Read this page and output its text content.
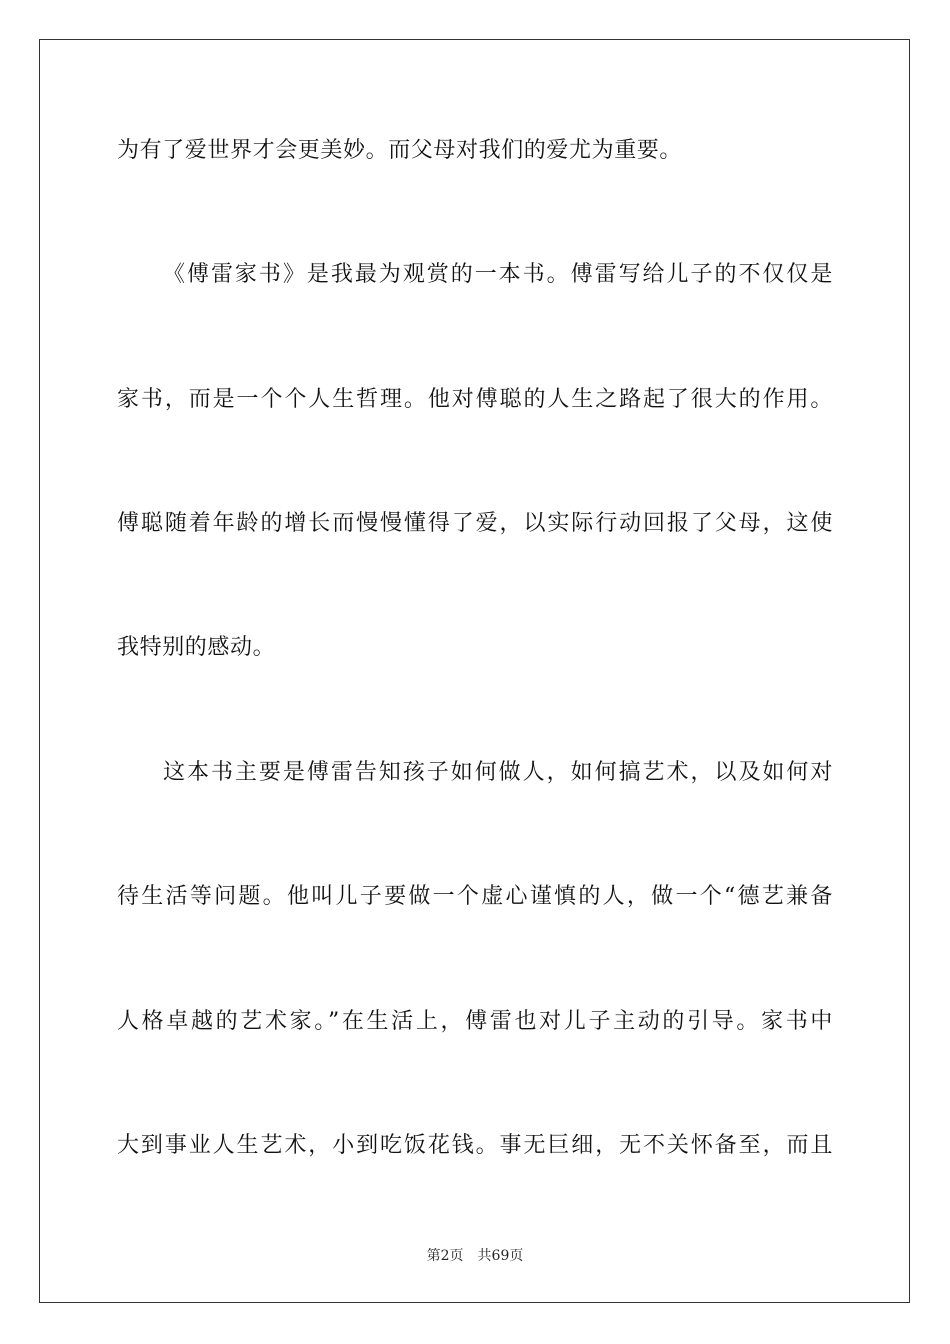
为有了爱世界才会更美妙。而父母对我们的爱尤为重要。
《傅雷家书》是我最为观赏的一本书。傅雷写给儿子的不仅仅是
家书，而是一个个人生哲理。他对傅聪的人生之路起了很大的作用。
傅聪随着年龄的增长而慢慢懂得了爱，以实际行动回报了父母，这使
我特别的感动。
这本书主要是傅雷告知孩子如何做人，如何搞艺术，以及如何对
待生活等问题。他叫儿子要做一个虚心谨慎的人，做一个“德艺兼备
人格卓越的艺术家。”在生活上，傅雷也对儿子主动的引导。家书中
大到事业人生艺术，小到吃饭花钱。事无巨细，无不关怀备至，而且
第2页 共69页
